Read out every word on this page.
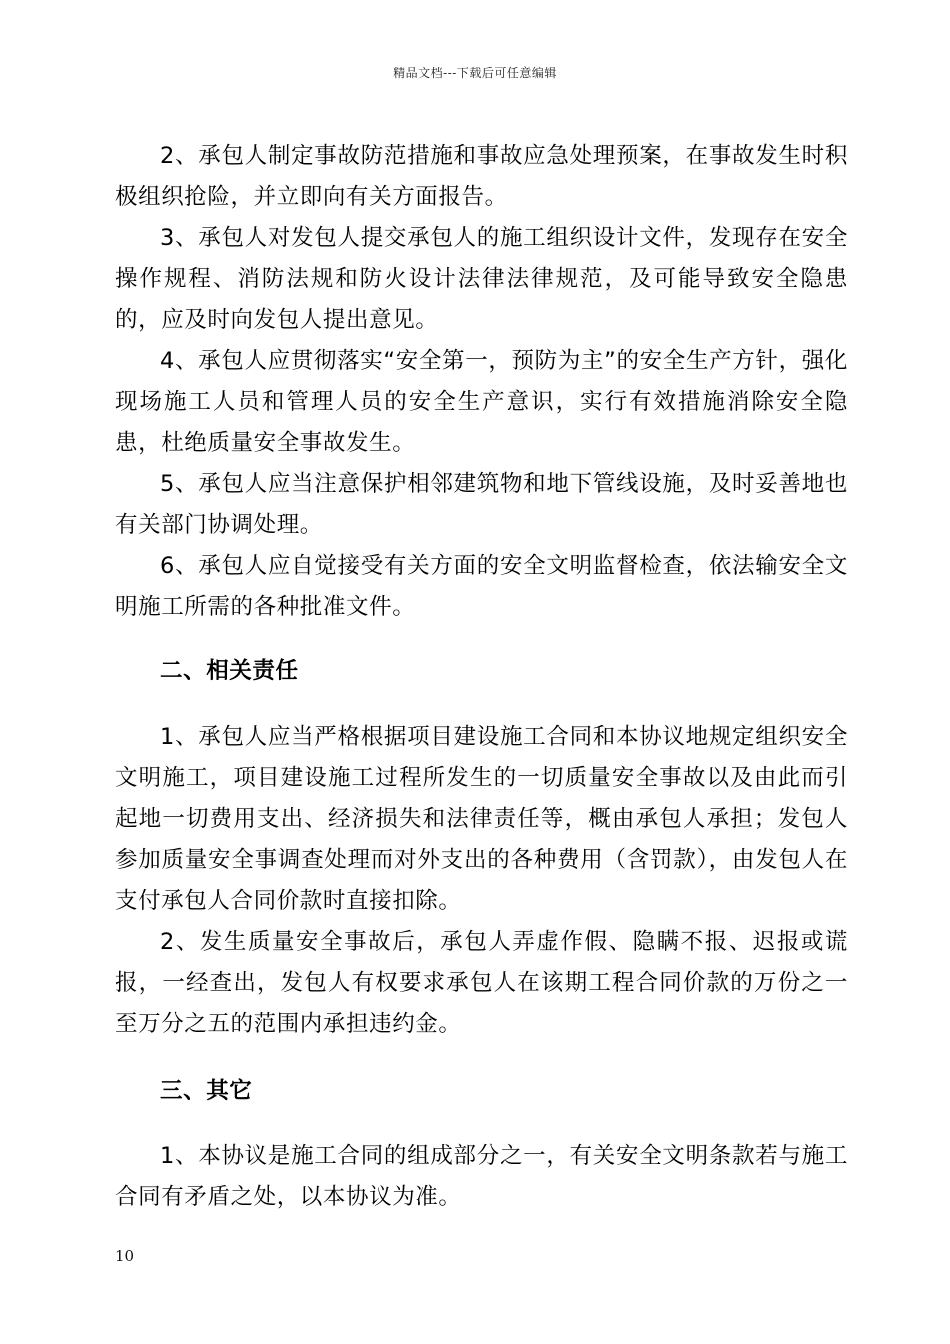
精品文档---下载后可任意编辑

2、承包人制定事故防范措施和事故应急处理预案，在事故发生时积极组织抢险，并立即向有关方面报告。

3、承包人对发包人提交承包人的施工组织设计文件，发现存在安全操作规程、消防法规和防火设计法律法律规范，及可能导致安全隐患的，应及时向发包人提出意见。

4、承包人应贯彻落实“安全第一，预防为主”的安全生产方针，强化现场施工人员和管理人员的安全生产意识，实行有效措施消除安全隐患，杜绝质量安全事故发生。

5、承包人应当注意保护相邻建筑物和地下管线设施，及时妥善地也有关部门协调处理。

6、承包人应自觉接受有关方面的安全文明监督检查，依法输安全文明施工所需的各种批准文件。

二、相关责任

1、承包人应当严格根据项目建设施工合同和本协议地规定组织安全文明施工，项目建设施工过程所发生的一切质量安全事故以及由此而引起地一切费用支出、经济损失和法律责任等，概由承包人承担；发包人参加质量安全事调查处理而对外支出的各种费用（含罚款），由发包人在支付承包人合同价款时直接扣除。

2、发生质量安全事故后，承包人弄虚作假、隐瞒不报、迟报或谎报，一经查出，发包人有权要求承包人在该期工程合同价款的万份之一至万分之五的范围内承担违约金。

三、其它

1、本协议是施工合同的组成部分之一，有关安全文明条款若与施工合同有矛盾之处，以本协议为准。

10
